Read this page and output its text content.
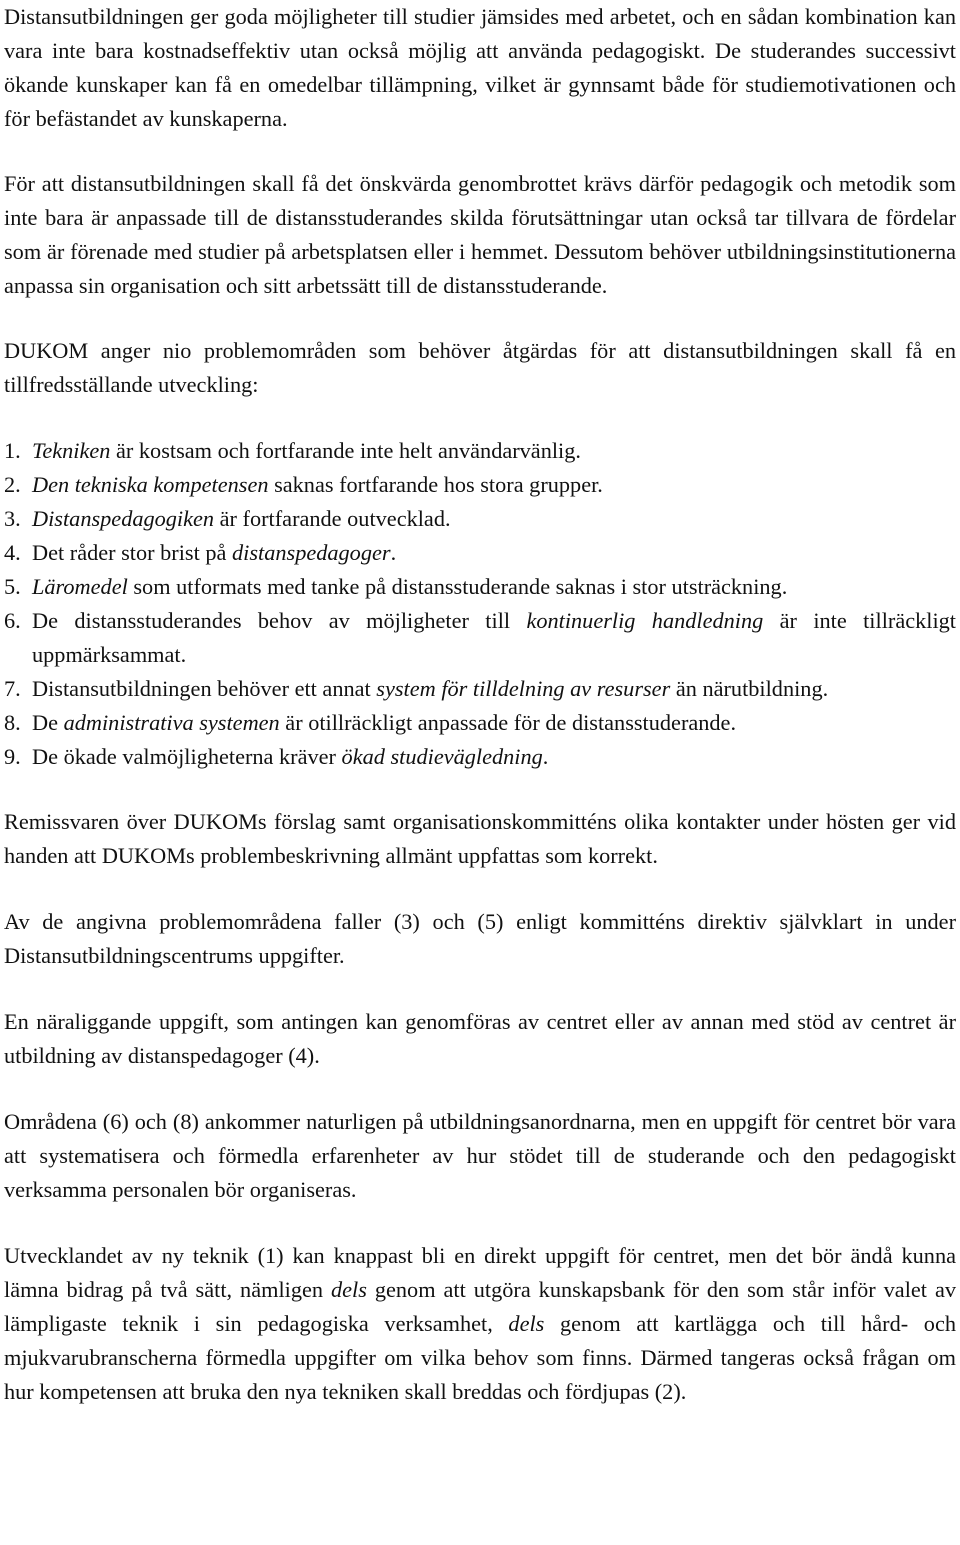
Distansutbildningen ger goda möjligheter till studier jämsides med arbetet, och en sådan kombination kan vara inte bara kostnadseffektiv utan också möjlig att använda pedagogiskt. De studerandes successivt ökande kunskaper kan få en omedelbar tillämpning, vilket är gynnsamt både för studiemotivationen och för befästandet av kunskaperna.

För att distansutbildningen skall få det önskvärda genombrottet krävs därför pedagogik och metodik som inte bara är anpassade till de distansstuderandes skilda förutsättningar utan också tar tillvara de fördelar som är förenade med studier på arbetsplatsen eller i hemmet. Dessutom behöver utbildningsinstitutionerna anpassa sin organisation och sitt arbetssätt till de distansstuderande.

DUKOM anger nio problemområden som behöver åtgärdas för att distansutbildningen skall få en tillfredsställande utveckling:

1. Tekniken är kostsam och fortfarande inte helt användarvänlig.
2. Den tekniska kompetensen saknas fortfarande hos stora grupper.
3. Distanspedagogiken är fortfarande outvecklad.
4. Det råder stor brist på distanspedagoger.
5. Läromedel som utformats med tanke på distansstuderande saknas i stor utsträckning.
6. De distansstuderandes behov av möjligheter till kontinuerlig handledning är inte tillräckligt uppmärksammat.
7. Distansutbildningen behöver ett annat system för tilldelning av resurser än närutbildning.
8. De administrativa systemen är otillräckligt anpassade för de distansstuderande.
9. De ökade valmöjligheterna kräver ökad studievägledning.

Remissvaren över DUKOMs förslag samt organisationskommitténs olika kontakter under hösten ger vid handen att DUKOMs problembeskrivning allmänt uppfattas som korrekt.

Av de angivna problemområdena faller (3) och (5) enligt kommitténs direktiv självklart in under Distansutbildningscentrums uppgifter.

En näraliggande uppgift, som antingen kan genomföras av centret eller av annan med stöd av centret är utbildning av distanspedagoger (4).

Områdena (6) och (8) ankommer naturligen på utbildningsanordnarna, men en uppgift för centret bör vara att systematisera och förmedla erfarenheter av hur stödet till de studerande och den pedagogiskt verksamma personalen bör organiseras.

Utvecklandet av ny teknik (1) kan knappast bli en direkt uppgift för centret, men det bör ändå kunna lämna bidrag på två sätt, nämligen dels genom att utgöra kunskapsbank för den som står inför valet av lämpligaste teknik i sin pedagogiska verksamhet, dels genom att kartlägga och till hård- och mjukvarubranscherna förmedla uppgifter om vilka behov som finns. Därmed tangeras också frågan om hur kompetensen att bruka den nya tekniken skall breddas och fördjupas (2).
